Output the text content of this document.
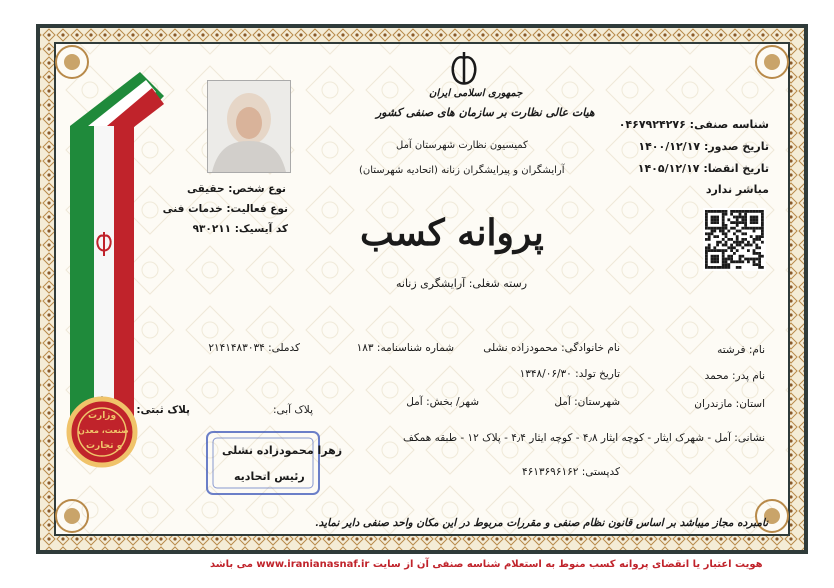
جمهوری اسلامی ایران
هیات عالی نظارت بر سازمان های صنفی کشور
کمیسیون نظارت شهرستان آمل
آرایشگران و پیرایشگران زنانه (اتحادیه شهرستان)
پروانه کسب
رسته شغلی: آرایشگری زنانه
نوع شخص: حقیقی
نوع فعالیت: خدمات فنی
کد آیسیک: ۹۳۰۲۱۱
شناسه صنفی: ۰۴۶۷۹۲۴۲۷۶
تاریخ صدور: ۱۴۰۰/۱۲/۱۷
تاریخ انقضا: ۱۴۰۵/۱۲/۱۷
مباشر ندارد
نام: فرشته
نام خانوادگی: محمودزاده نشلی
شماره شناسنامه: ۱۸۳
کدملی: ۲۱۴۱۴۸۳۰۳۴
نام پدر: محمد
تاریخ تولد: ۱۳۴۸/۰۶/۳۰
استان: مازندران
شهرستان: آمل
شهر/ بخش: آمل
پلاک آبی:
پلاک ثبتی:
نشانی: آمل - شهرک ایثار - کوچه ایثار ۴٫۸ - کوچه ایثار ۴٫۴ - پلاک ۱۲ - طبقه همکف
کدپستی: ۴۶۱۳۶۹۶۱۶۲
وزارت
صنعت، معدن
و تجارت	زهرا محمودزاده نشلی
رئیس اتحادیه
نامبرده مجاز میباشد بر اساس قانون نظام صنفی و مقررات مربوط در این مکان واحد صنفی دایر نماید.
هویت اعتبار یا انقضای پروانه کسب منوط به استعلام شناسه صنفی آن از سایت www.iranianasnaf.ir می باشد
